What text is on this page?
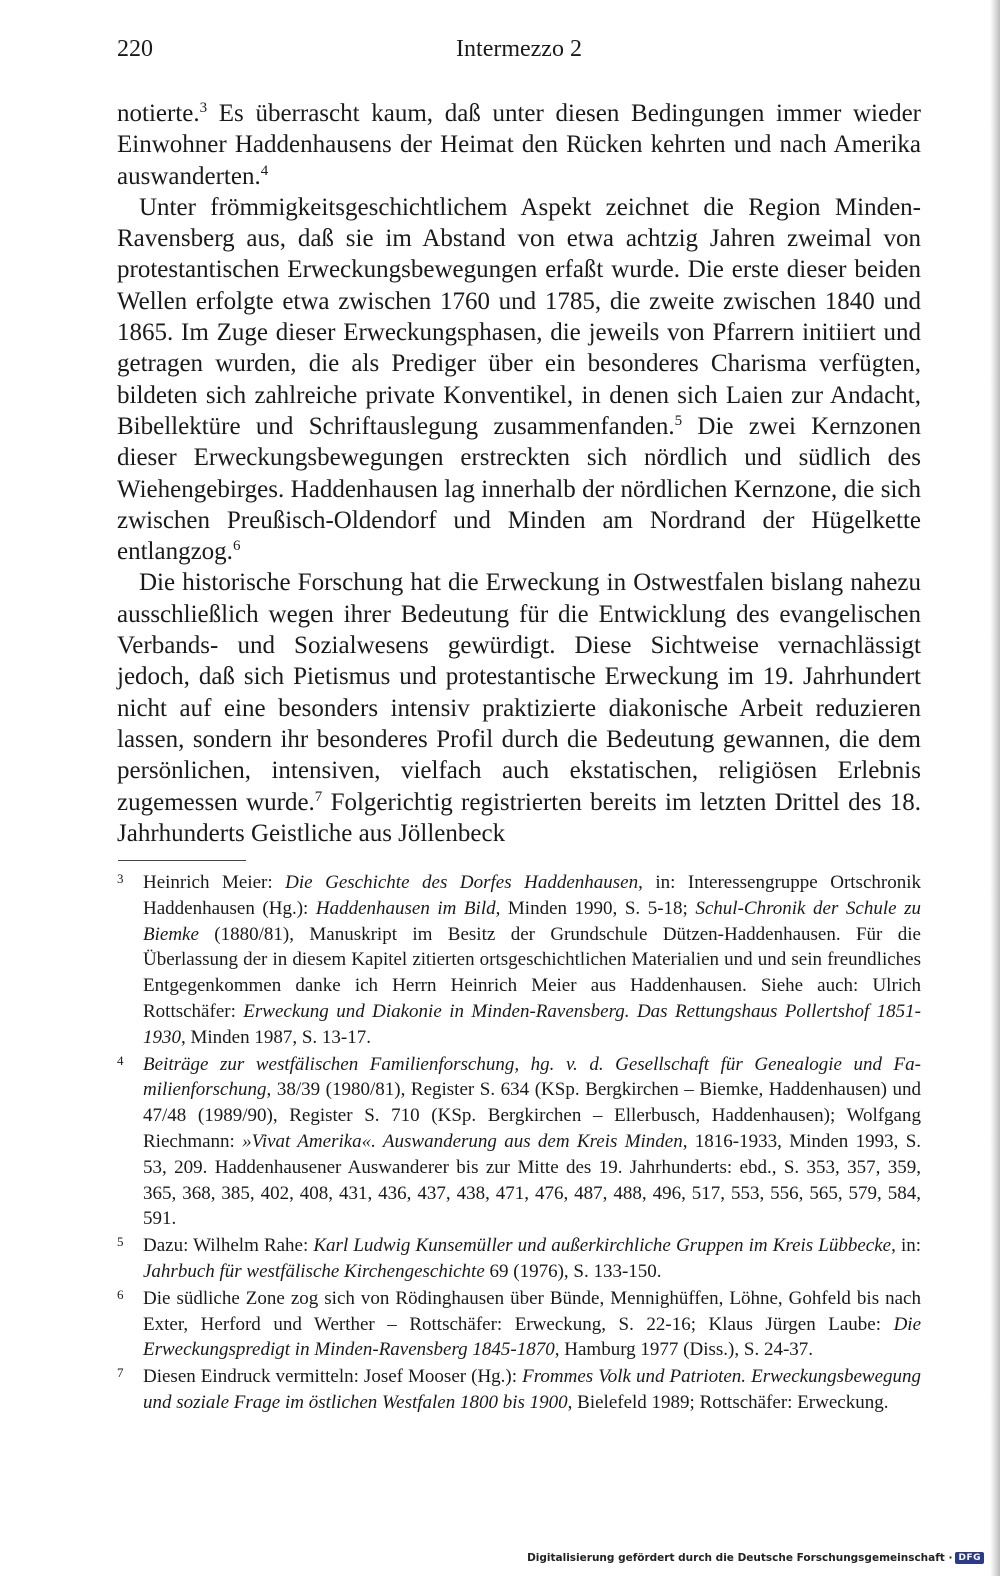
220	Intermezzo 2

notierte.$^3$ Es überrascht kaum, daß unter diesen Bedingungen immer wieder Einwohner Haddenhausens der Heimat den Rücken kehrten und nach Amerika auswanderten.$^4$

Unter frömmigkeitsgeschichtlichem Aspekt zeichnet die Region Minden-Ravensberg aus, daß sie im Abstand von etwa achtzig Jahren zweimal von protestantischen Erweckungsbewegungen erfaßt wurde. Die erste dieser beiden Wellen erfolgte etwa zwischen 1760 und 1785, die zweite zwischen 1840 und 1865. Im Zuge dieser Erweckungsphasen, die jeweils von Pfarrern initiiert und getragen wurden, die als Prediger über ein besonderes Charisma verfügten, bildeten sich zahlreiche private Konventikel, in denen sich Laien zur Andacht, Bibellektüre und Schriftauslegung zusammenfanden.$^5$ Die zwei Kernzonen dieser Erweckungsbewegungen erstreckten sich nördlich und südlich des Wiehengebirges. Haddenhausen lag innerhalb der nördlichen Kernzone, die sich zwischen Preußisch-Oldendorf und Minden am Nordrand der Hügelkette entlangzog.$^6$

Die historische Forschung hat die Erweckung in Ostwestfalen bislang nahezu ausschließlich wegen ihrer Bedeutung für die Entwicklung des evangelischen Verbands- und Sozialwesens gewürdigt. Diese Sichtweise vernachlässigt jedoch, daß sich Pietismus und protestantische Erweckung im 19. Jahrhundert nicht auf eine besonders intensiv praktizierte diakonische Arbeit reduzieren lassen, sondern ihr besonderes Profil durch die Bedeutung gewannen, die dem persönlichen, intensiven, vielfach auch ekstatischen, religiösen Erlebnis zugemessen wurde.$^7$ Folgerichtig registrierten bereits im letzten Drittel des 18. Jahrhunderts Geistliche aus Jöllenbeck

3 Heinrich Meier: Die Geschichte des Dorfes Haddenhausen, in: Interessengruppe Ortschronik Haddenhausen (Hg.): Haddenhausen im Bild, Minden 1990, S. 5-18; Schul-Chronik der Schule zu Biemke (1880/81), Manuskript im Besitz der Grundschule Dützen-Haddenhausen. Für die Überlassung der in diesem Kapitel zitierten ortsgeschichtlichen Materialien und und sein freundliches Entgegenkommen danke ich Herrn Heinrich Meier aus Haddenhausen. Siehe auch: Ulrich Rottschäfer: Erweckung und Diakonie in Minden-Ravensberg. Das Rettungshaus Pollertshof 1851-1930, Minden 1987, S. 13-17.
4 Beiträge zur westfälischen Familienforschung, hg. v. d. Gesellschaft für Genealogie und Familienforschung, 38/39 (1980/81), Register S. 634 (KSp. Bergkirchen – Biemke, Haddenhausen) und 47/48 (1989/90), Register S. 710 (KSp. Bergkirchen – Ellerbusch, Haddenhausen); Wolfgang Riechmann: »Vivat Amerika«. Auswanderung aus dem Kreis Minden, 1816-1933, Minden 1993, S. 53, 209. Haddenhausener Auswanderer bis zur Mitte des 19. Jahrhunderts: ebd., S. 353, 357, 359, 365, 368, 385, 402, 408, 431, 436, 437, 438, 471, 476, 487, 488, 496, 517, 553, 556, 565, 579, 584, 591.
5 Dazu: Wilhelm Rahe: Karl Ludwig Kunsemüller und außerkirchliche Gruppen im Kreis Lübbecke, in: Jahrbuch für westfälische Kirchengeschichte 69 (1976), S. 133-150.
6 Die südliche Zone zog sich von Rödinghausen über Bünde, Mennighüffen, Löhne, Gohfeld bis nach Exter, Herford und Werther – Rottschäfer: Erweckung, S. 22-16; Klaus Jürgen Laube: Die Erweckungspredigt in Minden-Ravensberg 1845-1870, Hamburg 1977 (Diss.), S. 24-37.
7 Diesen Eindruck vermitteln: Josef Mooser (Hg.): Frommes Volk und Patrioten. Erweckungsbewegung und soziale Frage im östlichen Westfalen 1800 bis 1900, Bielefeld 1989; Rottschäfer: Erweckung.
Digitalisierung gefördert durch die Deutsche Forschungsgemeinschaft · DFG
